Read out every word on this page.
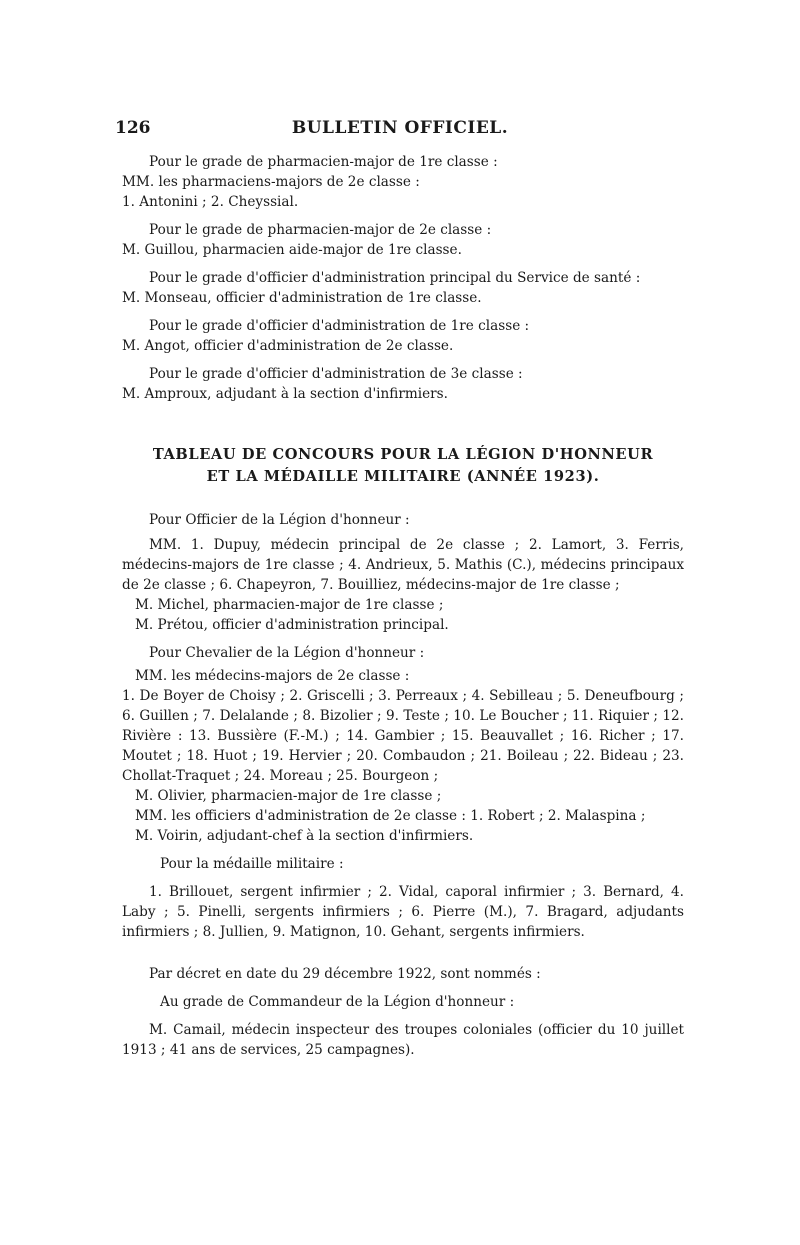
126	BULLETIN OFFICIEL.

Pour le grade de pharmacien-major de 1re classe :

MM. les pharmaciens-majors de 2e classe :

1. Antonini ; 2. Cheyssial.

Pour le grade de pharmacien-major de 2e classe :

M. Guillou, pharmacien aide-major de 1re classe.

Pour le grade d'officier d'administration principal du Service de santé :

M. Monseau, officier d'administration de 1re classe.

Pour le grade d'officier d'administration de 1re classe :

M. Angot, officier d'administration de 2e classe.

Pour le grade d'officier d'administration de 3e classe :

M. Amproux, adjudant à la section d'infirmiers.

TABLEAU DE CONCOURS POUR LA LÉGION D'HONNEUR

ET LA MÉDAILLE MILITAIRE (ANNÉE 1923).

Pour Officier de la Légion d'honneur :

MM. 1. Dupuy, médecin principal de 2e classe ; 2. Lamort, 3. Ferris, médecins-majors de 1re classe ; 4. Andrieux, 5. Mathis (C.), médecins principaux de 2e classe ; 6. Chapeyron, 7. Bouilliez, médecins-major de 1re classe ;

M. Michel, pharmacien-major de 1re classe ;

M. Prétou, officier d'administration principal.

Pour Chevalier de la Légion d'honneur :

MM. les médecins-majors de 2e classe :

1. De Boyer de Choisy ; 2. Griscelli ; 3. Perreaux ; 4. Sebilleau ; 5. Deneufbourg ; 6. Guillen ; 7. Delalande ; 8. Bizolier ; 9. Teste ; 10. Le Boucher ; 11. Riquier ; 12. Rivière : 13. Bussière (F.-M.) ; 14. Gambier ; 15. Beauvallet ; 16. Richer ; 17. Moutet ; 18. Huot ; 19. Hervier ; 20. Combaudon ; 21. Boileau ; 22. Bideau ; 23. Chollat-Traquet ; 24. Moreau ; 25. Bourgeon ;

M. Olivier, pharmacien-major de 1re classe ;

MM. les officiers d'administration de 2e classe : 1. Robert ; 2. Malaspina ;

M. Voirin, adjudant-chef à la section d'infirmiers.

Pour la médaille militaire :

1. Brillouet, sergent infirmier ; 2. Vidal, caporal infirmier ; 3. Bernard, 4. Laby ; 5. Pinelli, sergents infirmiers ; 6. Pierre (M.), 7. Bragard, adjudants infirmiers ; 8. Jullien, 9. Matignon, 10. Gehant, sergents infirmiers.

Par décret en date du 29 décembre 1922, sont nommés :

Au grade de Commandeur de la Légion d'honneur :

M. Camail, médecin inspecteur des troupes coloniales (officier du 10 juillet 1913 ; 41 ans de services, 25 campagnes).
